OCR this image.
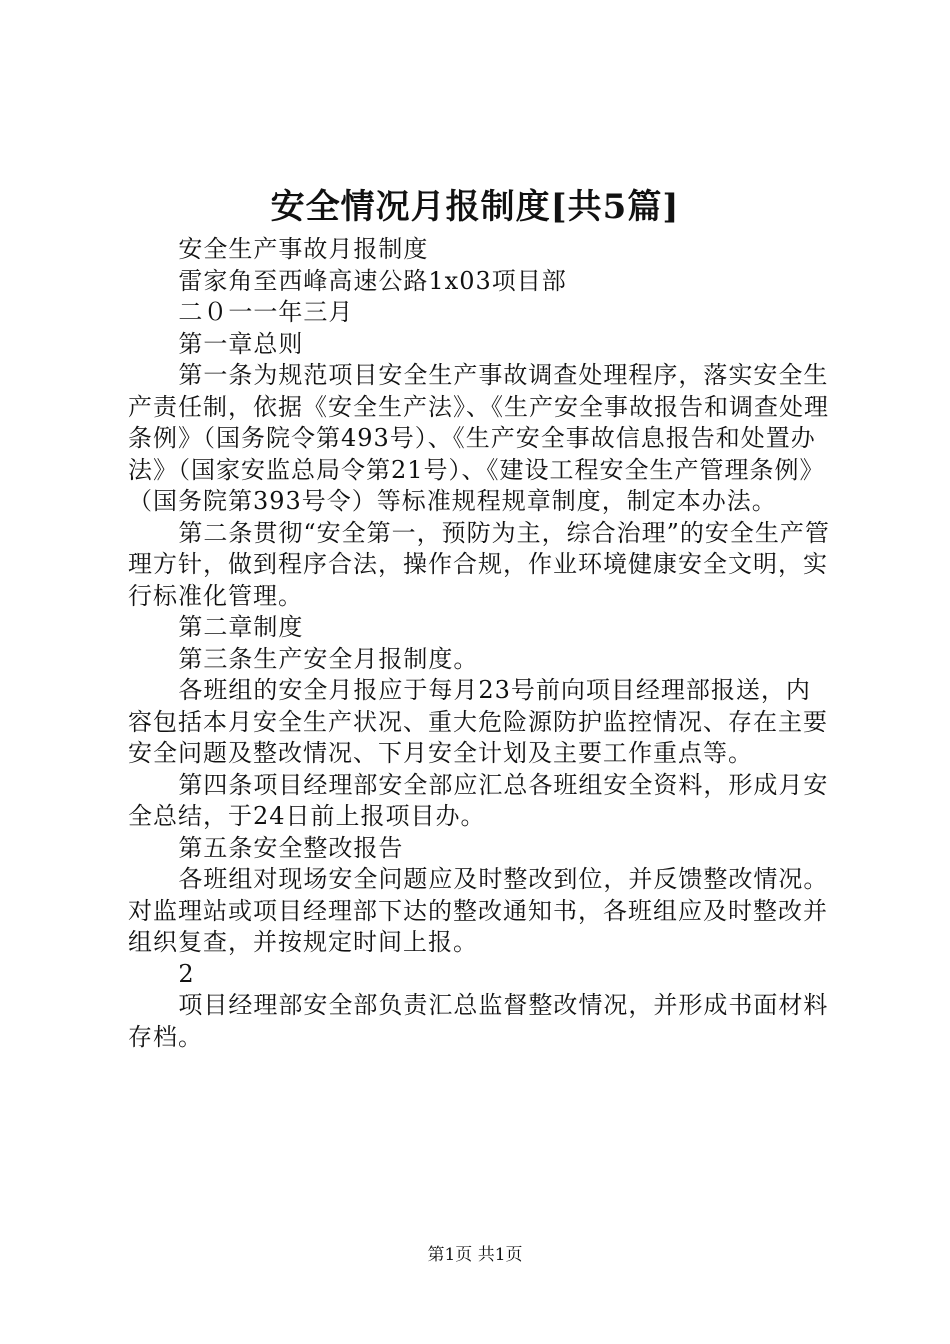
安全情况月报制度[共5篇]

安全生产事故月报制度

雷家角至西峰高速公路1x03项目部

二０一一年三月

第一章总则

第一条为规范项目安全生产事故调查处理程序，落实安全生产责任制，依据《安全生产法》、《生产安全事故报告和调查处理条例》（国务院令第493号）、《生产安全事故信息报告和处置办法》（国家安监总局令第21号）、《建设工程安全生产管理条例》（国务院第393号令）等标准规程规章制度，制定本办法。

第二条贯彻“安全第一，预防为主，综合治理”的安全生产管理方针，做到程序合法，操作合规，作业环境健康安全文明，实行标准化管理。

第二章制度

第三条生产安全月报制度。

各班组的安全月报应于每月23号前向项目经理部报送，内容包括本月安全生产状况、重大危险源防护监控情况、存在主要安全问题及整改情况、下月安全计划及主要工作重点等。

第四条项目经理部安全部应汇总各班组安全资料，形成月安全总结，于24日前上报项目办。

第五条安全整改报告

各班组对现场安全问题应及时整改到位，并反馈整改情况。对监理站或项目经理部下达的整改通知书，各班组应及时整改并组织复查，并按规定时间上报。

2

项目经理部安全部负责汇总监督整改情况，并形成书面材料存档。

第1页 共1页
